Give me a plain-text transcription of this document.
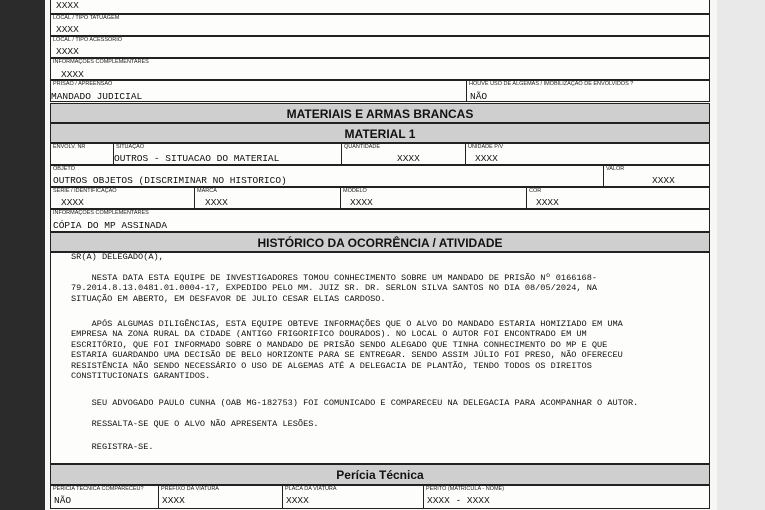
XXXX
LOCAL / TIPO TATUAGEM
XXXX
LOCAL / TIPO ACESSÓRIO
XXXX
INFORMAÇÕES COMPLEMENTARES
XXXX
PRISÃO / APREENSÃO
MANDADO JUDICIAL
HOUVE USO DE ALGEMAS / IMOBILIZAÇÃO DE ENVOLVIDOS ?
NÃO
MATERIAIS E ARMAS BRANCAS
MATERIAL 1
ENVOLV. NR	SITUAÇÃO
OUTROS - SITUACAO DO MATERIAL
QUANTIDADE
XXXX
UNIDADE P/V
XXXX
OBJETO
OUTROS OBJETOS (DISCRIMINAR NO HISTORICO)
VALOR
XXXX
SÉRIE / IDENTIFICAÇÃO
XXXX
MARCA
XXXX
MODELO
XXXX
COR
XXXX
INFORMAÇÕES COMPLEMENTARES
CÓPIA DO MP ASSINADA
HISTÓRICO DA OCORRÊNCIA / ATIVIDADE
SR(A) DELEGADO(A),
NESTA DATA ESTA EQUIPE DE INVESTIGADORES TOMOU CONHECIMENTO SOBRE UM MANDADO DE PRISÃO Nº 0166168-
79.2014.8.13.0481.01.0004-17, EXPEDIDO PELO MM. JUIZ SR. DR. SERLON SILVA SANTOS NO DIA 08/05/2024, NA
SITUAÇÃO EM ABERTO, EM DESFAVOR DE JULIO CESAR ELIAS CARDOSO.
APÓS ALGUMAS DILIGÊNCIAS, ESTA EQUIPE OBTEVE INFORMAÇÕES QUE O ALVO DO MANDADO ESTARIA HOMIZIADO EM UMA
EMPRESA NA ZONA RURAL DA CIDADE (ANTIGO FRIGORIFICO DOURADOS). NO LOCAL O AUTOR FOI ENCONTRADO EM UM
ESCRITÓRIO, QUE FOI INFORMADO SOBRE O MANDADO DE PRISÃO SENDO ALEGADO QUE TINHA CONHECIMENTO DO MP E QUE
ESTARIA GUARDANDO UMA DECISÃO DE BELO HORIZONTE PARA SE ENTREGAR. SENDO ASSIM JÚLIO FOI PRESO, NÃO OFERECEU
RESISTÊNCIA NÃO SENDO NECESSÁRIO O USO DE ALGEMAS ATÉ A DELEGACIA DE PLANTÃO, TENDO TODOS OS DIREITOS
CONSTITUCIONAIS GARANTIDOS.
SEU ADVOGADO PAULO CUNHA (OAB MG-182753) FOI COMUNICADO E COMPARECEU NA DELEGACIA PARA ACOMPANHAR O AUTOR.
RESSALTA-SE QUE O ALVO NÃO APRESENTA LESÕES.
REGISTRA-SE.
Perícia Técnica
PERÍCIA TÉCNICA COMPARECEU?
NÃO
PREFIXO DA VIATURA
XXXX
PLACA DA VIATURA
XXXX
PERITO (MATRÍCULA - NOME)
XXXX - XXXX
